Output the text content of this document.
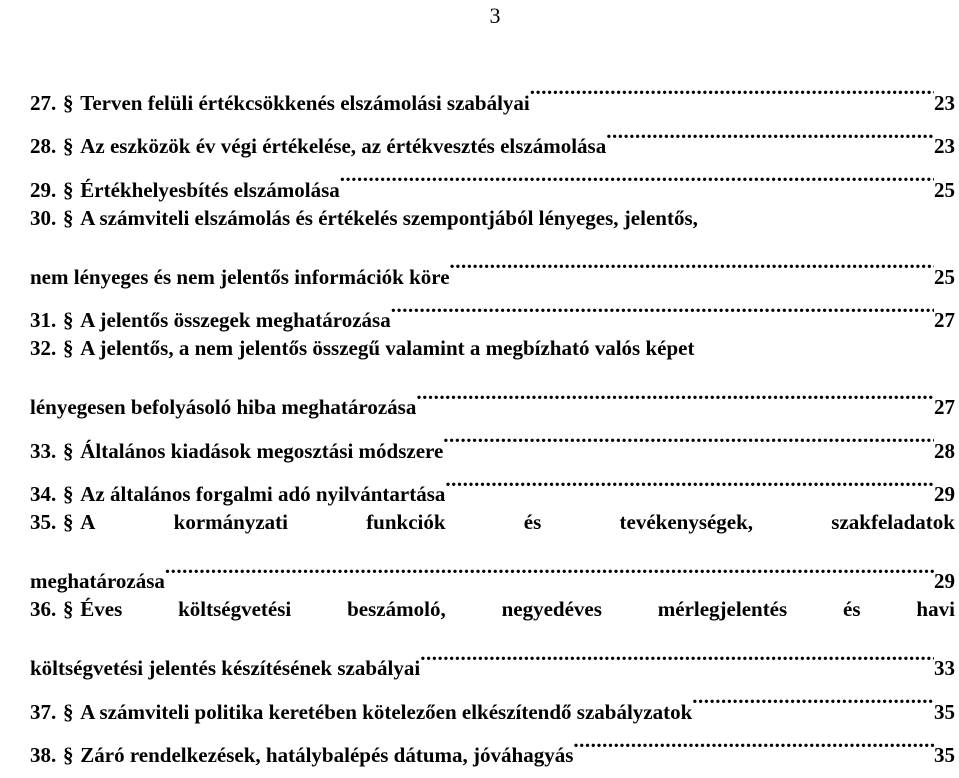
3
27. § Terven felüli értékcsökkenés elszámolási szabályai .....	23
28. § Az eszközök év végi értékelése, az értékvesztés elszámolása .....	23
29. § Értékhelyesbítés elszámolása .....	25
30. § A számviteli elszámolás és értékelés szempontjából lényeges, jelentős,
nem lényeges és nem jelentős információk köre .....	25
31. § A jelentős összegek meghatározása .....	27
32. § A jelentős, a nem jelentős összegű valamint a megbízható valós képet
lényegesen befolyásoló hiba meghatározása .....	27
33. § Általános kiadások megosztási módszere .....	28
34. § Az általános forgalmi adó nyilvántartása .....	29
35. § A	kormányzati	funkciók	és	tevékenységek,	szakfeladatok
meghatározása .....	29
36. § Éves	költségvetési	beszámoló,	negyedéves	mérlegjelentés	és	havi
költségvetési jelentés készítésének szabályai .....	33
37. § A számviteli politika keretében kötelezően elkészítendő szabályzatok .....	35
38. § Záró rendelkezések, hatálybalépés dátuma, jóváhagyás .....	35
